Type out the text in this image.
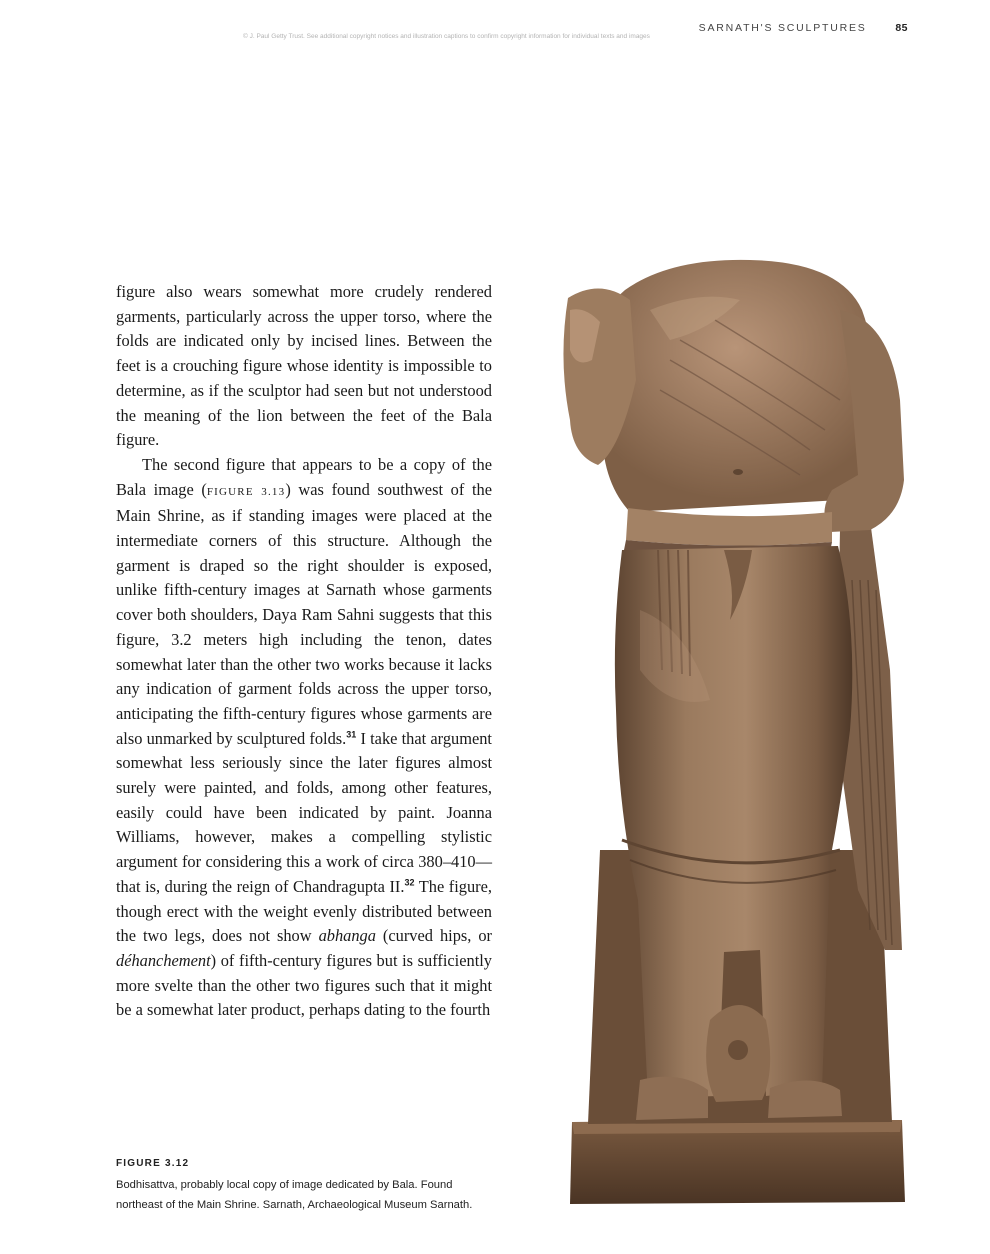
SARNATH'S SCULPTURES	85
© J. Paul Getty Trust. See additional copyright notices and illustration captions to confirm copyright information for individual texts and images

figure also wears somewhat more crudely rendered garments, particularly across the upper torso, where the folds are indicated only by incised lines. Between the feet is a crouching figure whose identity is impossible to determine, as if the sculptor had seen but not understood the meaning of the lion between the feet of the Bala figure.

The second figure that appears to be a copy of the Bala image (FIGURE 3.13) was found southwest of the Main Shrine, as if standing images were placed at the intermediate corners of this structure. Although the garment is draped so the right shoulder is exposed, unlike fifth-century images at Sarnath whose garments cover both shoulders, Daya Ram Sahni suggests that this figure, 3.2 meters high including the tenon, dates somewhat later than the other two works because it lacks any indication of garment folds across the upper torso, anticipating the fifth-century figures whose garments are also unmarked by sculptured folds.$^{31}$ I take that argument somewhat less seriously since the later figures almost surely were painted, and folds, among other features, easily could have been indicated by paint. Joanna Williams, however, makes a compelling stylistic argument for considering this a work of circa 380–410—that is, during the reign of Chandragupta II.$^{32}$ The figure, though erect with the weight evenly distributed between the two legs, does not show abhanga (curved hips, or déhanchement) of fifth-century figures but is sufficiently more svelte than the other two figures such that it might be a somewhat later product, perhaps dating to the fourth

FIGURE 3.12
Bodhisattva, probably local copy of image dedicated by Bala. Found northeast of the Main Shrine. Sarnath, Archaeological Museum Sarnath.
